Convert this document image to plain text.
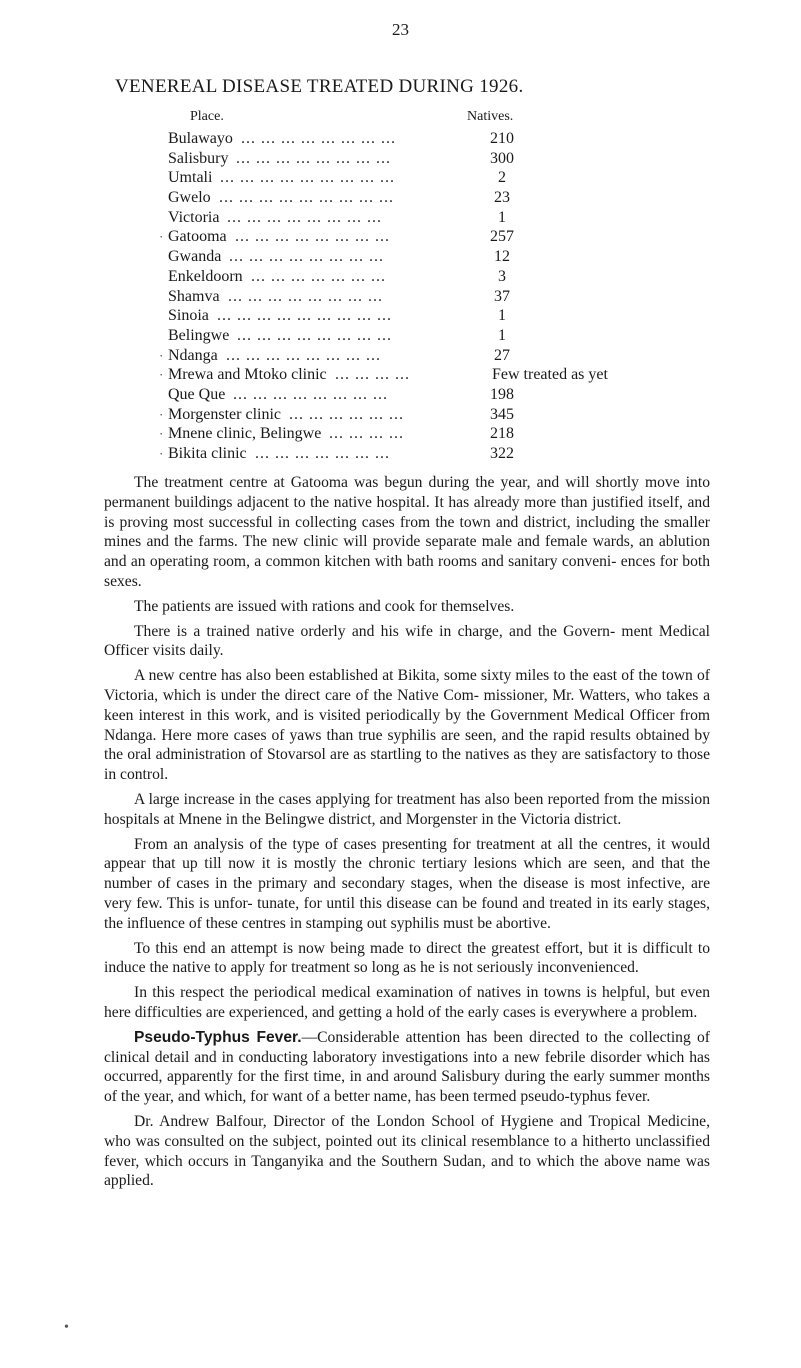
23
VENEREAL DISEASE TREATED DURING 1926.
Place.	Natives.
Bulawayo ... ... ... ... ... ... ... ...	210
Salisbury ... ... ... ... ... ... ... ...	300
Umtali ... ... ... ... ... ... ... ... ...	2
Gwelo ... ... ... ... ... ... ... ... ...	23
Victoria ... ... ... ... ... ... ... ...	1
· Gatooma ... ... ... ... ... ... ... ...	257
Gwanda ... ... ... ... ... ... ... ...	12
Enkeldoorn ... ... ... ... ... ... ...	3
Shamva ... ... ... ... ... ... ... ...	37
Sinoia ... ... ... ... ... ... ... ... ...	1
Belingwe ... ... ... ... ... ... ... ...	1
· Ndanga ... ... ... ... ... ... ... ...	27
· Mrewa and Mtoko clinic ... ... ... ...	Few treated as yet
Que Que ... ... ... ... ... ... ... ...	198
· Morgenster clinic ... ... ... ... ... ...	345
· Mnene clinic, Belingwe ... ... ... ...	218
· Bikita clinic ... ... ... ... ... ... ...	322

The treatment centre at Gatooma was begun during the year, and will shortly move into permanent buildings adjacent to the native hospital. It has already more than justified itself, and is proving most successful in collecting cases from the town and district, including the smaller mines and the farms. The new clinic will provide separate male and female wards, an ablution and an operating room, a common kitchen with bath rooms and sanitary conveni- ences for both sexes.

The patients are issued with rations and cook for themselves.

There is a trained native orderly and his wife in charge, and the Govern- ment Medical Officer visits daily.

A new centre has also been established at Bikita, some sixty miles to the east of the town of Victoria, which is under the direct care of the Native Com- missioner, Mr. Watters, who takes a keen interest in this work, and is visited periodically by the Government Medical Officer from Ndanga. Here more cases of yaws than true syphilis are seen, and the rapid results obtained by the oral administration of Stovarsol are as startling to the natives as they are satisfactory to those in control.

A large increase in the cases applying for treatment has also been reported from the mission hospitals at Mnene in the Belingwe district, and Morgenster in the Victoria district.

From an analysis of the type of cases presenting for treatment at all the centres, it would appear that up till now it is mostly the chronic tertiary lesions which are seen, and that the number of cases in the primary and secondary stages, when the disease is most infective, are very few. This is unfor- tunate, for until this disease can be found and treated in its early stages, the influence of these centres in stamping out syphilis must be abortive.

To this end an attempt is now being made to direct the greatest effort, but it is difficult to induce the native to apply for treatment so long as he is not seriously inconvenienced.

In this respect the periodical medical examination of natives in towns is helpful, but even here difficulties are experienced, and getting a hold of the early cases is everywhere a problem.

Pseudo-Typhus Fever.—Considerable attention has been directed to the collecting of clinical detail and in conducting laboratory investigations into a new febrile disorder which has occurred, apparently for the first time, in and around Salisbury during the early summer months of the year, and which, for want of a better name, has been termed pseudo-typhus fever.

Dr. Andrew Balfour, Director of the London School of Hygiene and Tropical Medicine, who was consulted on the subject, pointed out its clinical resemblance to a hitherto unclassified fever, which occurs in Tanganyika and the Southern Sudan, and to which the above name was applied.

•
